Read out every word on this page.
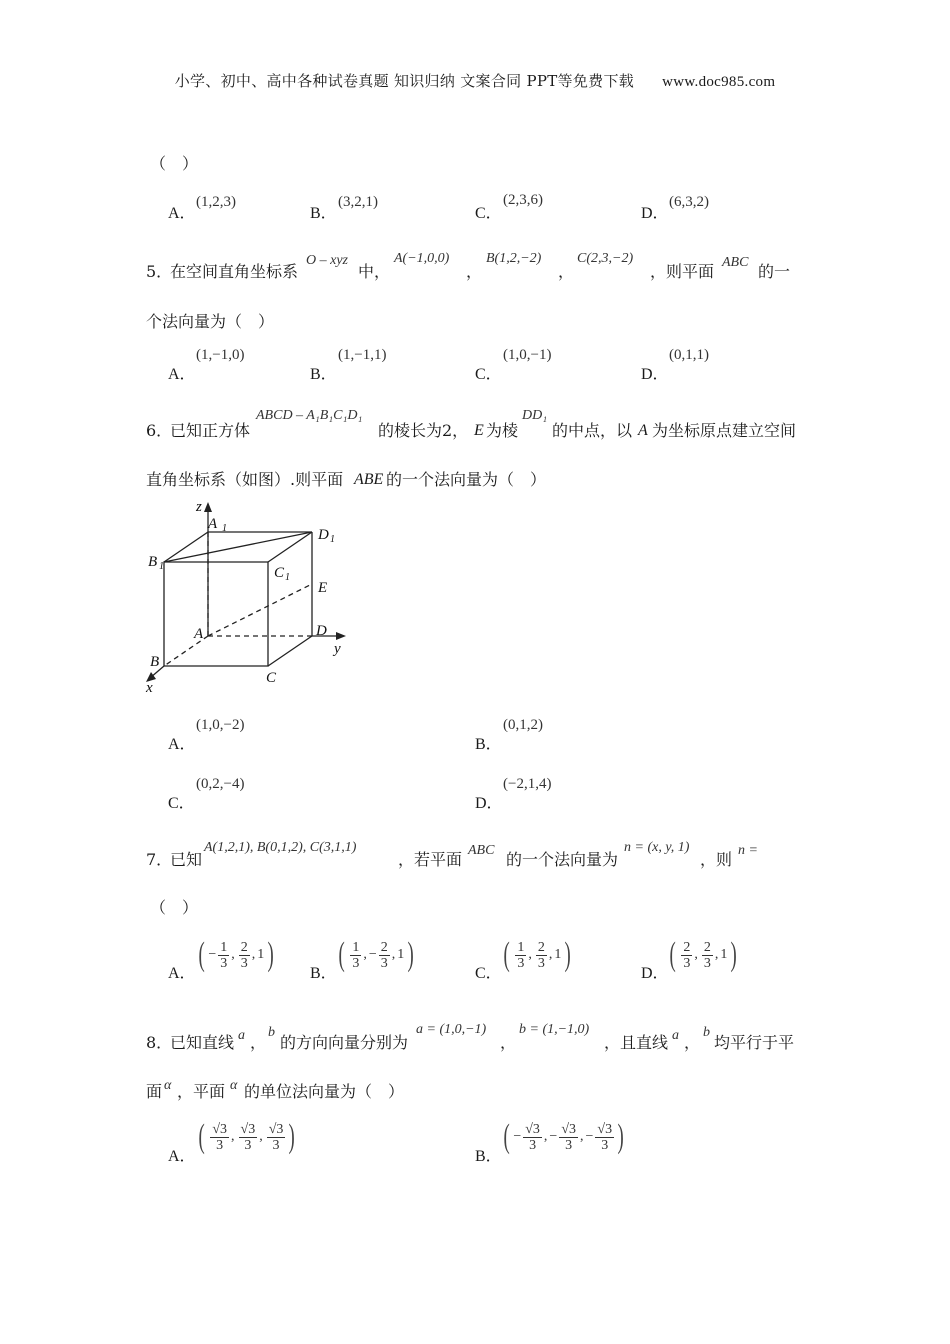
小学、初中、高中各种试卷真题 知识归纳 文案合同 PPT等免费下载 www.doc985.com
（　）
A．
(1,2,3)
B．
(3,2,1)
C．
(2,3,6)
D．
(6,3,2)
5．
在空间直角坐标系
O – xyz
中，
A(−1,0,0)
，
B(1,2,−2)
，
C(2,3,−2)
，则平面 ABC 的一
个法向量为（　）
A．
(1,−1,0)
B．
(1,−1,1)
C．
(1,0,−1)
D．
(0,1,1)
6．
已知正方体
ABCD – A₁B₁C₁D₁
的棱长为2， E 为棱
DD₁
的中点，以 A 为坐标原点建立空间
直角坐标系（如图）.则平面 ABE 的一个法向量为（　）
z
A 1	D 1
B 1	C 1
E
A	D
y
B
C
x
A．
(1,0,−2)
B．
(0,1,2)
C．
(0,2,−4)
D．
(−2,1,4)
7．
已知
A(1,2,1), B(0,1,2), C(3,1,1)
，若平面 ABC 的一个法向量为
n = (x, y, 1)
，则 n =
（　）
A．
( − $\frac{1}{3}$ , $\frac{2}{3}$ , 1 )
B．
( $\frac{1}{3}$ , − $\frac{2}{3}$ , 1 )
C．
( $\frac{1}{3}$ , $\frac{2}{3}$ , 1 )
D．
( $\frac{2}{3}$ , $\frac{2}{3}$ , 1 )
8．
已知直线 a ，
b
的方向向量分别为
a = (1,0,−1)
，
b = (1,−1,0)
，且直线 a ，
b
均平行于平
面 α ，平面 α 的单位法向量为（　）
A．
( $\frac{√3}{3}$ , $\frac{√3}{3}$ , $\frac{√3}{3}$ )
B．
( − $\frac{√3}{3}$ , − $\frac{√3}{3}$ , − $\frac{√3}{3}$ )
